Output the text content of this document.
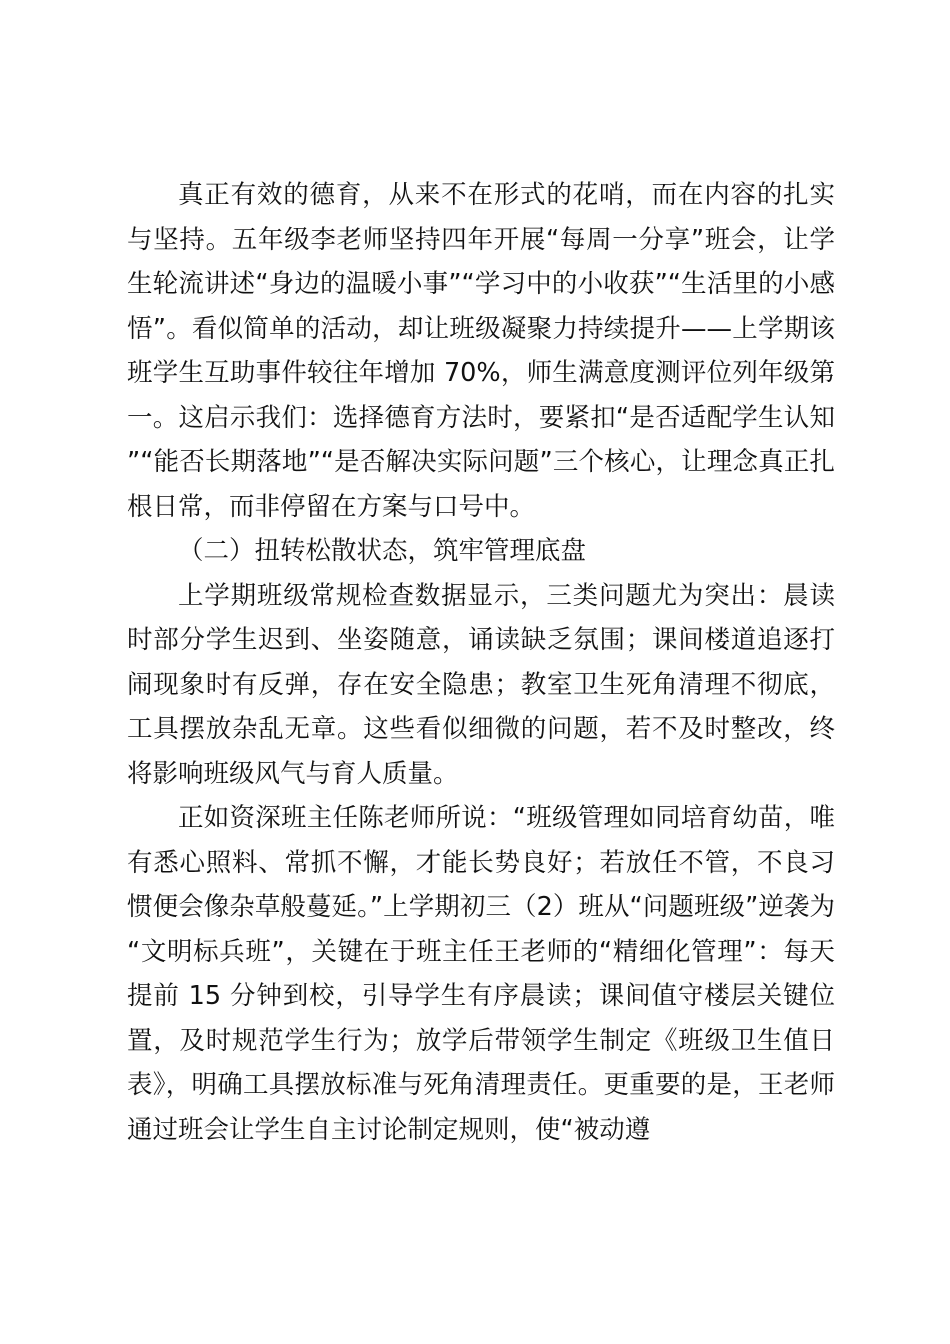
真正有效的德育，从来不在形式的花哨，而在内容的扎实与坚持。五年级李老师坚持四年开展“每周一分享”班会，让学生轮流讲述“身边的温暖小事”“学习中的小收获”“生活里的小感悟”。看似简单的活动，却让班级凝聚力持续提升——上学期该班学生互助事件较往年增加 70%，师生满意度测评位列年级第一。这启示我们：选择德育方法时，要紧扣“是否适配学生认知”“能否长期落地”“是否解决实际问题”三个核心，让理念真正扎根日常，而非停留在方案与口号中。

（二）扭转松散状态，筑牢管理底盘

上学期班级常规检查数据显示，三类问题尤为突出：晨读时部分学生迟到、坐姿随意，诵读缺乏氛围；课间楼道追逐打闹现象时有反弹，存在安全隐患；教室卫生死角清理不彻底，工具摆放杂乱无章。这些看似细微的问题，若不及时整改，终将影响班级风气与育人质量。

正如资深班主任陈老师所说：“班级管理如同培育幼苗，唯有悉心照料、常抓不懈，才能长势良好；若放任不管，不良习惯便会像杂草般蔓延。”上学期初三（2）班从“问题班级”逆袭为“文明标兵班”，关键在于班主任王老师的“精细化管理”：每天提前 15 分钟到校，引导学生有序晨读；课间值守楼层关键位置，及时规范学生行为；放学后带领学生制定《班级卫生值日表》，明确工具摆放标准与死角清理责任。更重要的是，王老师通过班会让学生自主讨论制定规则，使“被动遵
